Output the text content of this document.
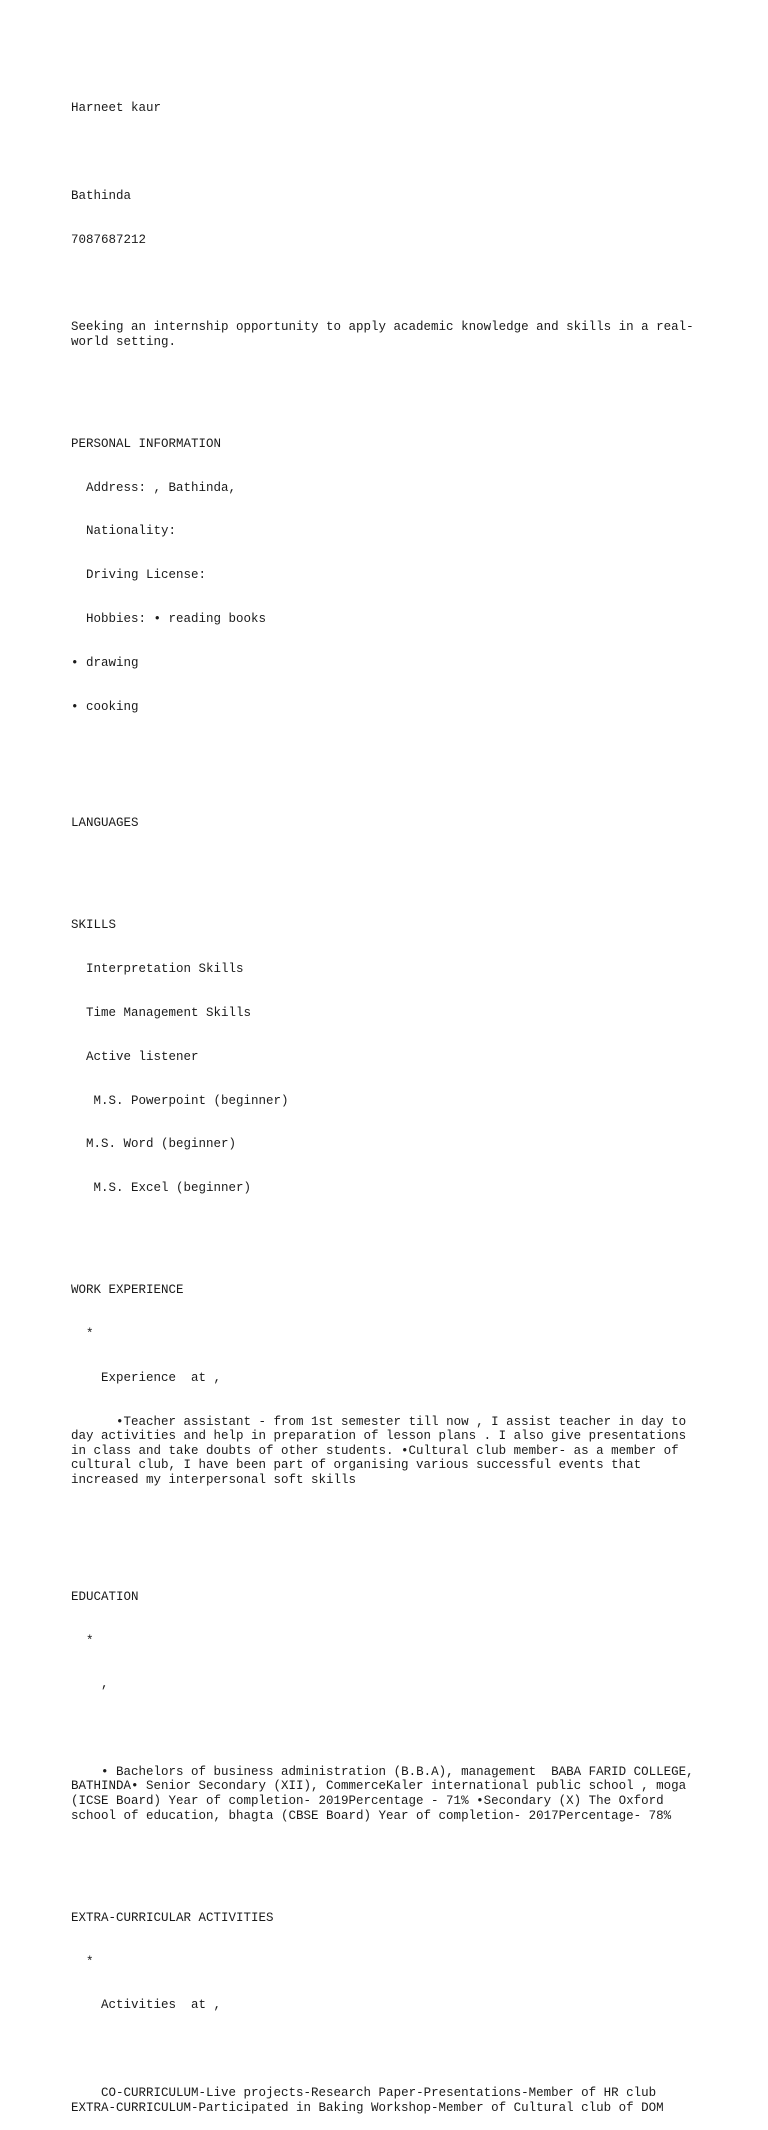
Harneet kaur

Bathinda

7087687212

Seeking an internship opportunity to apply academic knowledge and skills in a real-world setting.

PERSONAL INFORMATION

Address: , Bathinda,

Nationality:

Driving License:

Hobbies: • reading books

• drawing

• cooking

LANGUAGES

SKILLS

Interpretation Skills

Time Management Skills

Active listener

M.S. Powerpoint (beginner)

M.S. Word (beginner)

M.S. Excel (beginner)

WORK EXPERIENCE

*

Experience  at ,

•Teacher assistant - from 1st semester till now , I assist teacher in day to day activities and help in preparation of lesson plans . I also give presentations in class and take doubts of other students. •Cultural club member- as a member of cultural club, I have been part of organising various successful events that increased my interpersonal soft skills

EDUCATION

*

,

• Bachelors of business administration (B.B.A), management  BABA FARID COLLEGE, BATHINDA• Senior Secondary (XII), CommerceKaler international public school , moga (ICSE Board) Year of completion- 2019Percentage - 71% •Secondary (X) The Oxford school of education, bhagta (CBSE Board) Year of completion- 2017Percentage- 78%

EXTRA-CURRICULAR ACTIVITIES

*

Activities  at ,

CO-CURRICULUM-Live projects-Research Paper-Presentations-Member of HR club EXTRA-CURRICULUM-Participated in Baking Workshop-Member of Cultural club of DOM
